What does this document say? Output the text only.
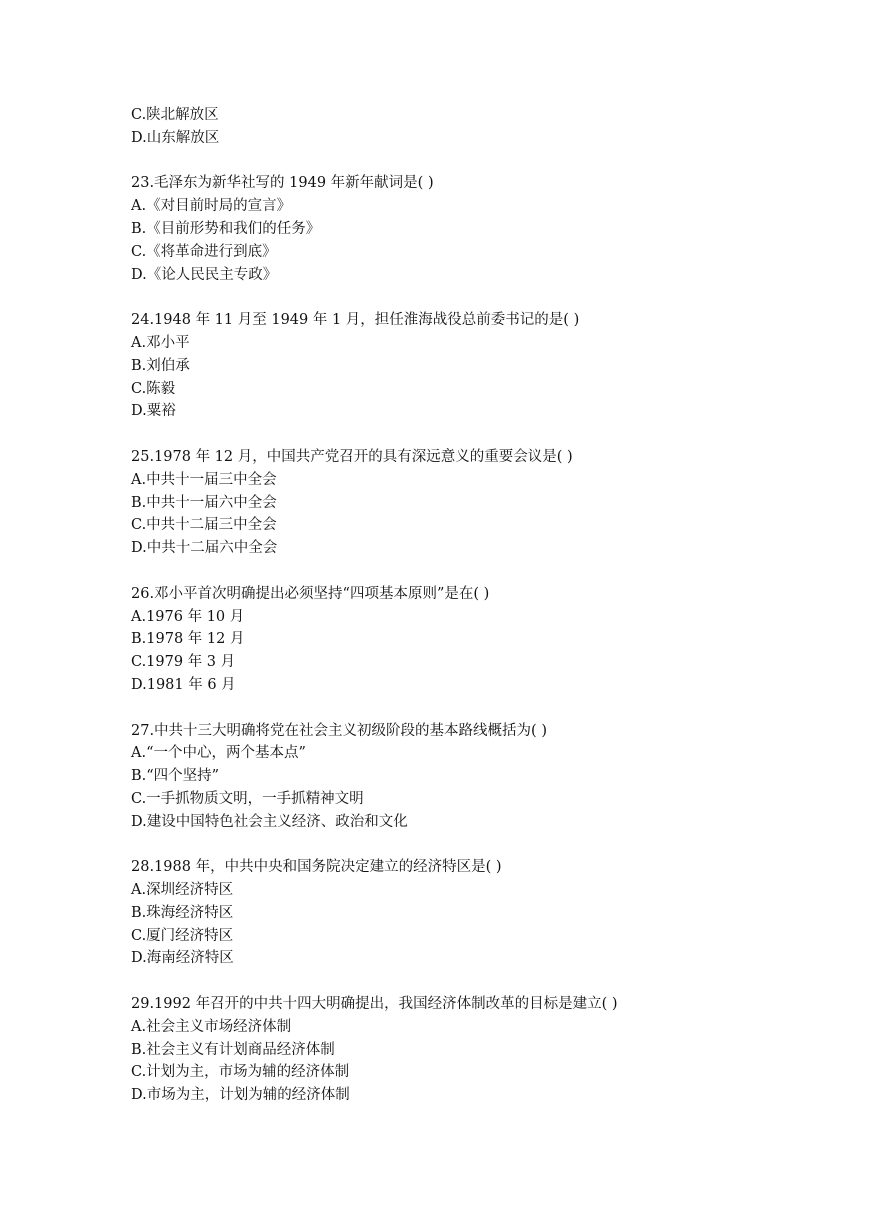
C.陕北解放区
D.山东解放区
23.毛泽东为新华社写的 1949 年新年献词是( )
A.《对目前时局的宣言》
B.《目前形势和我们的任务》
C.《将革命进行到底》
D.《论人民民主专政》
24.1948 年 11 月至 1949 年 1 月，担任淮海战役总前委书记的是( )
A.邓小平
B.刘伯承
C.陈毅
D.粟裕
25.1978 年 12 月，中国共产党召开的具有深远意义的重要会议是( )
A.中共十一届三中全会
B.中共十一届六中全会
C.中共十二届三中全会
D.中共十二届六中全会
26.邓小平首次明确提出必须坚持“四项基本原则”是在( )
A.1976 年 10 月
B.1978 年 12 月
C.1979 年 3 月
D.1981 年 6 月
27.中共十三大明确将党在社会主义初级阶段的基本路线概括为( )
A.“一个中心，两个基本点”
B.“四个坚持”
C.一手抓物质文明，一手抓精神文明
D.建设中国特色社会主义经济、政治和文化
28.1988 年，中共中央和国务院决定建立的经济特区是( )
A.深圳经济特区
B.珠海经济特区
C.厦门经济特区
D.海南经济特区
29.1992 年召开的中共十四大明确提出，我国经济体制改革的目标是建立( )
A.社会主义市场经济体制
B.社会主义有计划商品经济体制
C.计划为主，市场为辅的经济体制
D.市场为主，计划为辅的经济体制
